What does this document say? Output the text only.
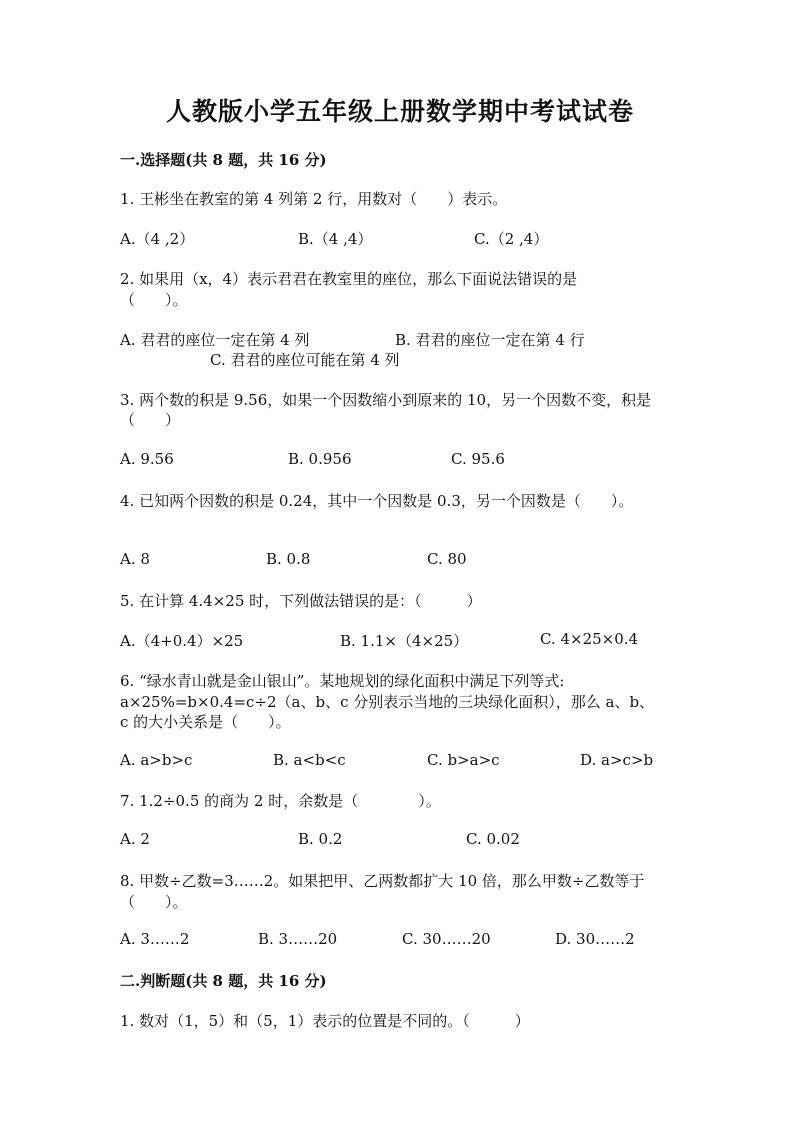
人教版小学五年级上册数学期中考试试卷
一.选择题(共 8 题，共 16 分)
1. 王彬坐在教室的第 4 列第 2 行，用数对（　　）表示。
A.（4 ,2）	B.（4 ,4）	C.（2 ,4）
2. 如果用（x，4）表示君君在教室里的座位，那么下面说法错误的是
（　　）。
A. 君君的座位一定在第 4 列	B. 君君的座位一定在第 4 行
C. 君君的座位可能在第 4 列
3. 两个数的积是 9.56，如果一个因数缩小到原来的 10，另一个因数不变，积是
（　　）
A. 9.56	B. 0.956	C. 95.6
4. 已知两个因数的积是 0.24，其中一个因数是 0.3，另一个因数是（　　）。
A. 8	B. 0.8	C. 80
5. 在计算 4.4×25 时，下列做法错误的是：（　　　）
A.（4+0.4）×25	B. 1.1×（4×25）	C. 4×25×0.4
6. “绿水青山就是金山银山”。某地规划的绿化面积中满足下列等式:
a×25%=b×0.4=c÷2（a、b、c 分别表示当地的三块绿化面积），那么 a、b、
c 的大小关系是（　　）。
A. a>b>c	B. a<b<c	C. b>a>c	D. a>c>b
7. 1.2÷0.5 的商为 2 时，余数是（　　　　）。
A. 2	B. 0.2	C. 0.02
8. 甲数÷乙数=3……2。如果把甲、乙两数都扩大 10 倍，那么甲数÷乙数等于
（　　）。
A. 3……2	B. 3……20	C. 30……20	D. 30……2
二.判断题(共 8 题，共 16 分)
1. 数对（1，5）和（5，1）表示的位置是不同的。（　　　）
